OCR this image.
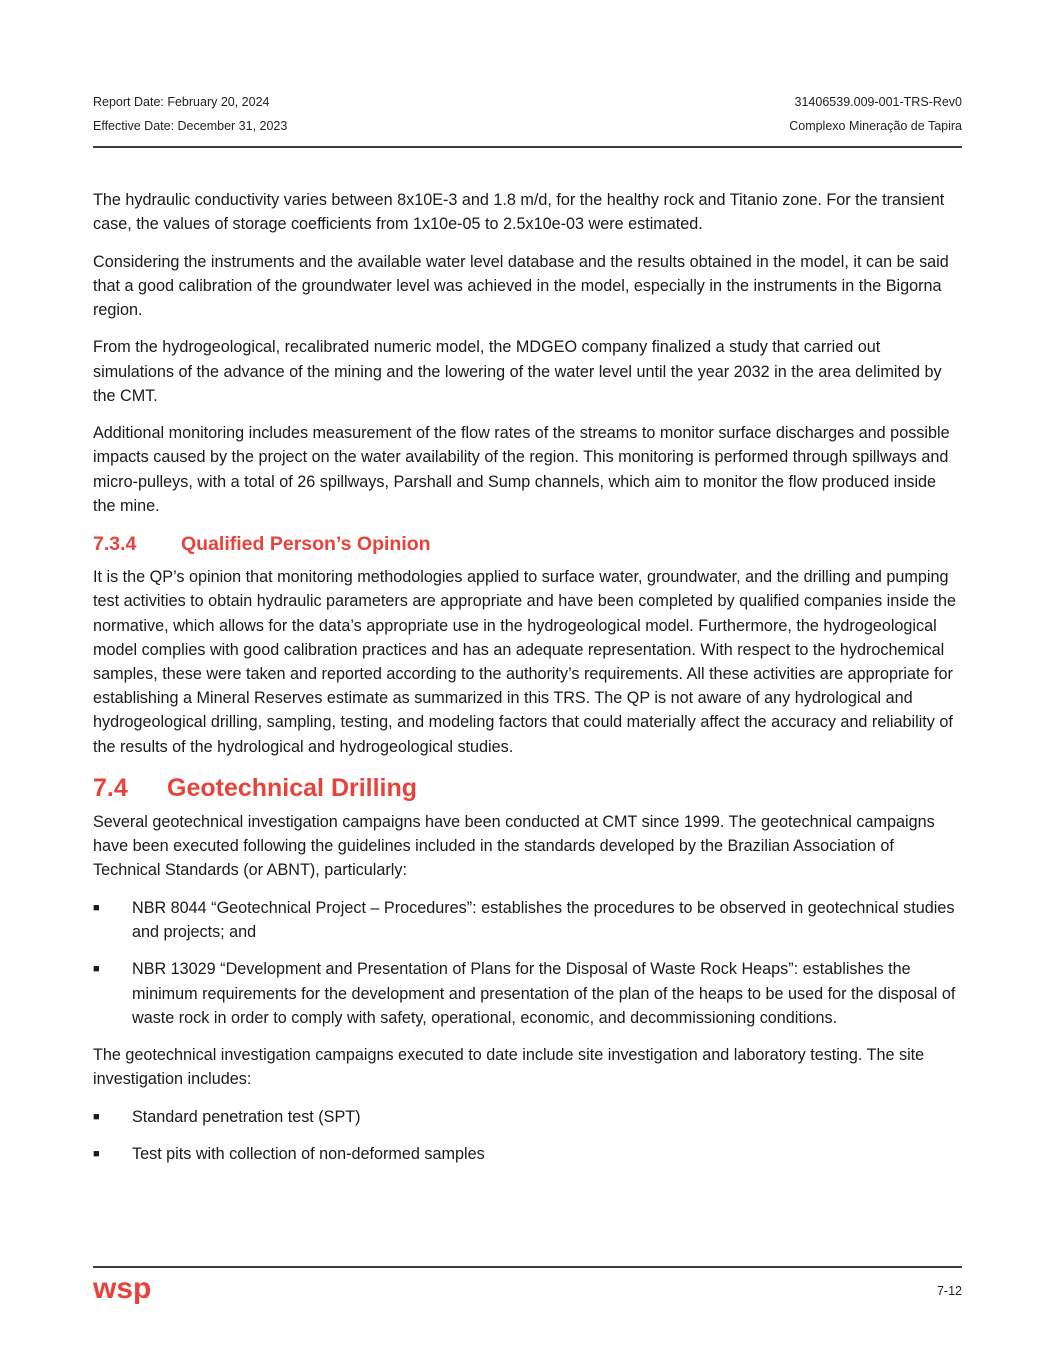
Report Date: February 20, 2024	31406539.009-001-TRS-Rev0
Effective Date: December 31, 2023	Complexo Mineração de Tapira

The hydraulic conductivity varies between 8x10E-3 and 1.8 m/d, for the healthy rock and Titanio zone. For the transient case, the values of storage coefficients from 1x10e-05 to 2.5x10e-03 were estimated.

Considering the instruments and the available water level database and the results obtained in the model, it can be said that a good calibration of the groundwater level was achieved in the model, especially in the instruments in the Bigorna region.

From the hydrogeological, recalibrated numeric model, the MDGEO company finalized a study that carried out simulations of the advance of the mining and the lowering of the water level until the year 2032 in the area delimited by the CMT.

Additional monitoring includes measurement of the flow rates of the streams to monitor surface discharges and possible impacts caused by the project on the water availability of the region. This monitoring is performed through spillways and micro-pulleys, with a total of 26 spillways, Parshall and Sump channels, which aim to monitor the flow produced inside the mine.

7.3.4 Qualified Person’s Opinion

It is the QP’s opinion that monitoring methodologies applied to surface water, groundwater, and the drilling and pumping test activities to obtain hydraulic parameters are appropriate and have been completed by qualified companies inside the normative, which allows for the data’s appropriate use in the hydrogeological model. Furthermore, the hydrogeological model complies with good calibration practices and has an adequate representation. With respect to the hydrochemical samples, these were taken and reported according to the authority’s requirements. All these activities are appropriate for establishing a Mineral Reserves estimate as summarized in this TRS. The QP is not aware of any hydrological and hydrogeological drilling, sampling, testing, and modeling factors that could materially affect the accuracy and reliability of the results of the hydrological and hydrogeological studies.

7.4 Geotechnical Drilling

Several geotechnical investigation campaigns have been conducted at CMT since 1999. The geotechnical campaigns have been executed following the guidelines included in the standards developed by the Brazilian Association of Technical Standards (or ABNT), particularly:

■ NBR 8044 “Geotechnical Project – Procedures”: establishes the procedures to be observed in geotechnical studies and projects; and
■ NBR 13029 “Development and Presentation of Plans for the Disposal of Waste Rock Heaps”: establishes the minimum requirements for the development and presentation of the plan of the heaps to be used for the disposal of waste rock in order to comply with safety, operational, economic, and decommissioning conditions.

The geotechnical investigation campaigns executed to date include site investigation and laboratory testing. The site investigation includes:

■ Standard penetration test (SPT)
■ Test pits with collection of non-deformed samples
wsp	7-12
